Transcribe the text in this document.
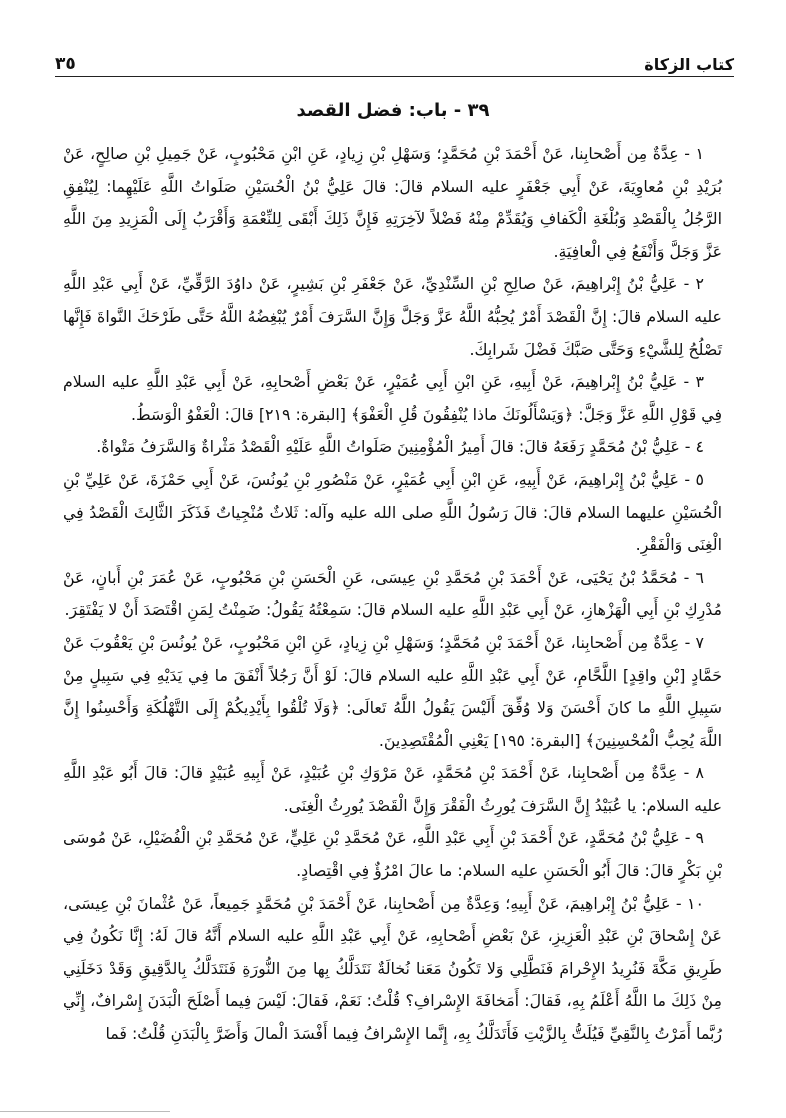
كتاب الزكاة
٣٥
٣٩ - باب: فضل القصد

١ - عِدَّةٌ مِن أَصْحابِنا، عَنْ أَحْمَدَ بْنِ مُحَمَّدٍ؛ وَسَهْلِ بْنِ زِيادٍ، عَنِ ابْنِ مَحْبُوبٍ، عَنْ جَمِيلِ بْنِ صالِحٍ، عَنْ بُرَيْدِ بْنِ مُعاوِيَةَ، عَنْ أَبِي جَعْفَرٍ عليه السلام قالَ: قالَ عَلِيُّ بْنُ الْحُسَيْنِ صَلَواتُ اللَّهِ عَلَيْهِما: لِيُنْفِقِ الرَّجُلُ بِالْقَصْدِ وَبُلْغَةِ الْكَفافِ وَيُقَدِّمْ مِنْهُ فَضْلاً لآخِرَتِهِ فَإِنَّ ذَلِكَ أَبْقَى لِلنِّعْمَةِ وَأَقْرَبُ إِلَى الْمَزِيدِ مِنَ اللَّهِ عَزَّ وَجَلَّ وَأَنْفَعُ فِي الْعافِيَةِ.

٢ - عَلِيُّ بْنُ إِبْراهِيمَ، عَنْ صالِحِ بْنِ السِّنْدِيِّ، عَنْ جَعْفَرِ بْنِ بَشِيرٍ، عَنْ داوُدَ الرَّقِّيِّ، عَنْ أَبِي عَبْدِ اللَّهِ عليه السلام قالَ: إِنَّ الْقَصْدَ أَمْرٌ يُحِبُّهُ اللَّهُ عَزَّ وَجَلَّ وَإِنَّ السَّرَفَ أَمْرٌ يُبْغِضُهُ اللَّهُ حَتَّى طَرْحَكَ النَّواةَ فَإِنَّها تَصْلُحُ لِلشَّيْءِ وَحَتَّى صَبَّكَ فَضْلَ شَرابِكَ.

٣ - عَلِيُّ بْنُ إِبْراهِيمَ، عَنْ أَبِيهِ، عَنِ ابْنِ أَبِي عُمَيْرٍ، عَنْ بَعْضِ أَصْحابِهِ، عَنْ أَبِي عَبْدِ اللَّهِ عليه السلام فِي قَوْلِ اللَّهِ عَزَّ وَجَلَّ: ﴿وَيَسْأَلُونَكَ ماذا يُنْفِقُونَ قُلِ الْعَفْوَ﴾ [البقرة: ٢١٩] قالَ: الْعَفْوُ الْوَسَطُ.

٤ - عَلِيُّ بْنُ مُحَمَّدٍ رَفَعَهُ قالَ: قالَ أَمِيرُ الْمُؤْمِنِينَ صَلَواتُ اللَّهِ عَلَيْهِ الْقَصْدُ مَثْراةٌ وَالسَّرَفُ مَتْواةٌ.

٥ - عَلِيُّ بْنُ إِبْراهِيمَ، عَنْ أَبِيهِ، عَنِ ابْنِ أَبِي عُمَيْرٍ، عَنْ مَنْصُورِ بْنِ يُونُسَ، عَنْ أَبِي حَمْزَةَ، عَنْ عَلِيِّ بْنِ الْحُسَيْنِ عليهما السلام قالَ: قالَ رَسُولُ اللَّهِ صلى الله عليه وآله: ثَلاثٌ مُنْجِياتٌ فَذَكَرَ الثَّالِثَ الْقَصْدُ فِي الْغِنَى وَالْفَقْرِ.

٦ - مُحَمَّدُ بْنُ يَحْيَى، عَنْ أَحْمَدَ بْنِ مُحَمَّدِ بْنِ عِيسَى، عَنِ الْحَسَنِ بْنِ مَحْبُوبٍ، عَنْ عُمَرَ بْنِ أَبانٍ، عَنْ مُدْرِكِ بْنِ أَبِي الْهَزْهازِ، عَنْ أَبِي عَبْدِ اللَّهِ عليه السلام قالَ: سَمِعْتُهُ يَقُولُ: ضَمِنْتُ لِمَنِ اقْتَصَدَ أَنْ لا يَفْتَقِرَ.

٧ - عِدَّةٌ مِن أَصْحابِنا، عَنْ أَحْمَدَ بْنِ مُحَمَّدٍ؛ وَسَهْلِ بْنِ زِيادٍ، عَنِ ابْنِ مَحْبُوبٍ، عَنْ يُونُسَ بْنِ يَعْقُوبَ عَنْ حَمَّادٍ [بْنِ واقِدٍ] اللَّحَّامِ، عَنْ أَبِي عَبْدِ اللَّهِ عليه السلام قالَ: لَوْ أَنَّ رَجُلاً أَنْفَقَ ما فِي يَدَيْهِ فِي سَبِيلٍ مِنْ سَبِيلِ اللَّهِ ما كانَ أَحْسَنَ وَلا وُفِّقَ أَلَيْسَ يَقُولُ اللَّهُ تَعالَى: ﴿وَلَا تُلْقُوا بِأَيْدِيكُمْ إِلَى التَّهْلُكَةِ وَأَحْسِنُوا إِنَّ اللَّهَ يُحِبُّ الْمُحْسِنِينَ﴾ [البقرة: ١٩٥] يَعْنِي الْمُقْتَصِدِينَ.

٨ - عِدَّةٌ مِن أَصْحابِنا، عَنْ أَحْمَدَ بْنِ مُحَمَّدٍ، عَنْ مَرْوَكِ بْنِ عُبَيْدٍ، عَنْ أَبِيهِ عُبَيْدٍ قالَ: قالَ أَبُو عَبْدِ اللَّهِ عليه السلام: يا عُبَيْدُ إِنَّ السَّرَفَ يُورِثُ الْفَقْرَ وَإِنَّ الْقَصْدَ يُورِثُ الْغِنَى.

٩ - عَلِيُّ بْنُ مُحَمَّدٍ، عَنْ أَحْمَدَ بْنِ أَبِي عَبْدِ اللَّهِ، عَنْ مُحَمَّدِ بْنِ عَلِيٍّ، عَنْ مُحَمَّدِ بْنِ الْفُضَيْلِ، عَنْ مُوسَى بْنِ بَكْرٍ قالَ: قالَ أَبُو الْحَسَنِ عليه السلام: ما عالَ امْرُؤٌ فِي اقْتِصادٍ.

١٠ - عَلِيُّ بْنُ إِبْراهِيمَ، عَنْ أَبِيهِ؛ وَعِدَّةٌ مِن أَصْحابِنا، عَنْ أَحْمَدَ بْنِ مُحَمَّدٍ جَمِيعاً، عَنْ عُثْمانَ بْنِ عِيسَى، عَنْ إِسْحاقَ بْنِ عَبْدِ الْعَزِيزِ، عَنْ بَعْضِ أَصْحابِهِ، عَنْ أَبِي عَبْدِ اللَّهِ عليه السلام أَنَّهُ قالَ لَهُ: إِنَّا نَكُونُ فِي طَرِيقِ مَكَّةَ فَنُرِيدُ الإِحْرامَ فَنَطَّلِي وَلا تَكُونُ مَعَنا نُخالَةٌ نَتَدَلَّكُ بِها مِنَ النُّورَةِ فَنَتَدَلَّكُ بِالدَّقِيقِ وَقَدْ دَخَلَنِي مِنْ ذَلِكَ ما اللَّهُ أَعْلَمُ بِهِ، فَقالَ: أَمَخافَةَ الإِسْرافِ؟ قُلْتُ: نَعَمْ، فَقالَ: لَيْسَ فِيما أَصْلَحَ الْبَدَنَ إِسْرافٌ، إِنِّي رُبَّما أَمَرْتُ بِالنَّقِيِّ فَيُلَتُّ بِالزَّيْتِ فَأَتَدَلَّكُ بِهِ، إِنَّما الإِسْرافُ فِيما أَفْسَدَ الْمالَ وَأَضَرَّ بِالْبَدَنِ قُلْتُ: فَما
